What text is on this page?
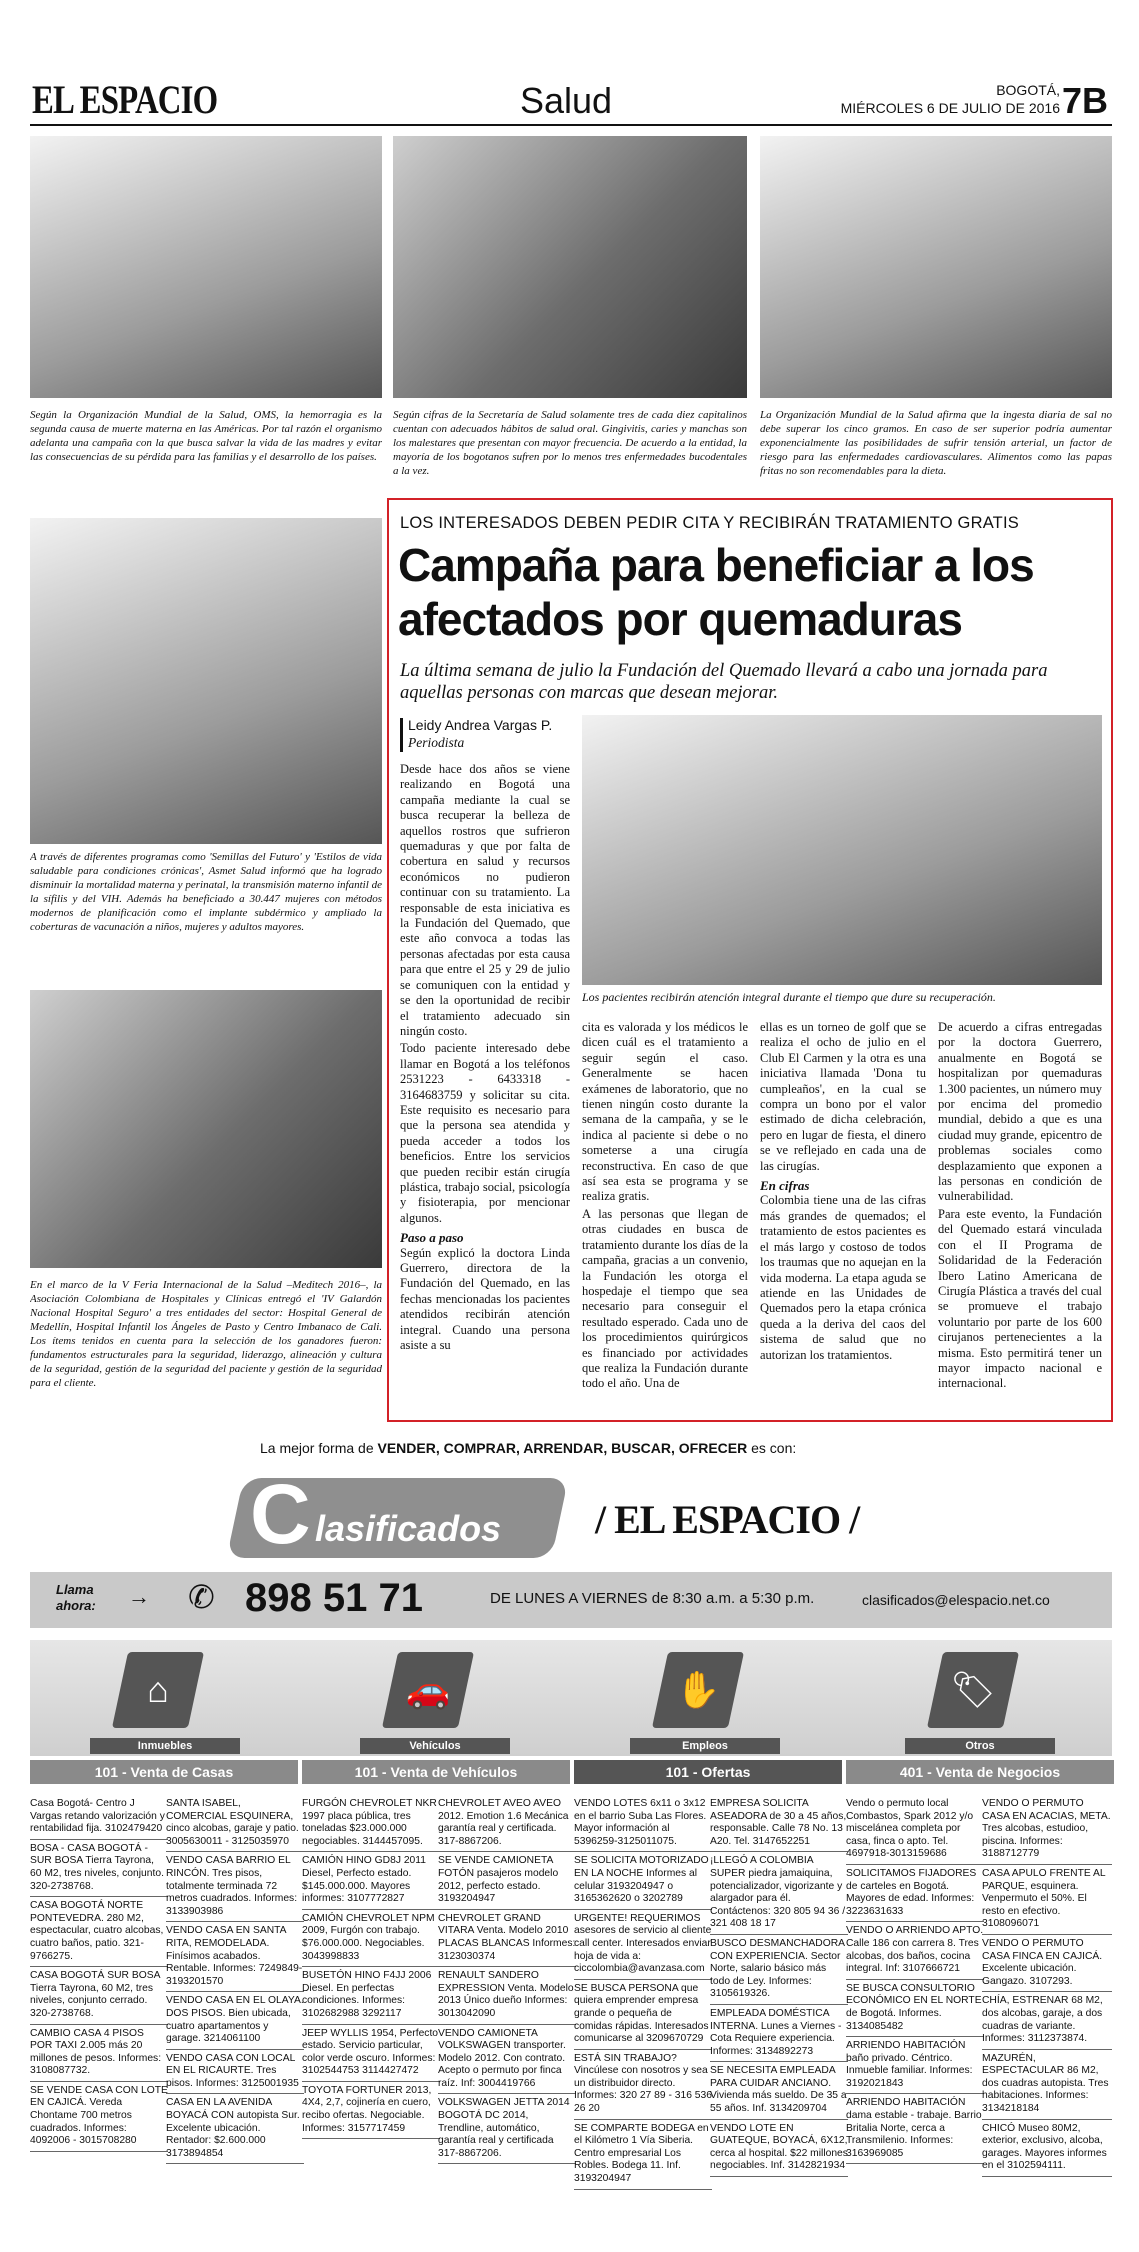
EL ESPACIO	Salud	BOGOTÁ,
MIÉRCOLES 6 DE JULIO DE 2016 7B
Según la Organización Mundial de la Salud, OMS, la hemorragia es la segunda causa de muerte materna en las Américas. Por tal razón el organismo adelanta una campaña con la que busca salvar la vida de las madres y evitar las consecuencias de su pérdida para las familias y el desarrollo de los países.
Según cifras de la Secretaría de Salud solamente tres de cada diez capitalinos cuentan con adecuados hábitos de salud oral. Gingivitis, caries y manchas son los malestares que presentan con mayor frecuencia. De acuerdo a la entidad, la mayoría de los bogotanos sufren por lo menos tres enfermedades bucodentales a la vez.
La Organización Mundial de la Salud afirma que la ingesta diaria de sal no debe superar los cinco gramos. En caso de ser superior podría aumentar exponencialmente las posibilidades de sufrir tensión arterial, un factor de riesgo para las enfermedades cardiovasculares. Alimentos como las papas fritas no son recomendables para la dieta.
A través de diferentes programas como 'Semillas del Futuro' y 'Estilos de vida saludable para condiciones crónicas', Asmet Salud informó que ha logrado disminuir la mortalidad materna y perinatal, la transmisión materno infantil de la sífilis y del VIH. Además ha beneficiado a 30.447 mujeres con métodos modernos de planificación como el implante subdérmico y ampliado la coberturas de vacunación a niños, mujeres y adultos mayores.
En el marco de la V Feria Internacional de la Salud –Meditech 2016–, la Asociación Colombiana de Hospitales y Clínicas entregó el 'IV Galardón Nacional Hospital Seguro' a tres entidades del sector: Hospital General de Medellín, Hospital Infantil los Ángeles de Pasto y Centro Imbanaco de Cali. Los ítems tenidos en cuenta para la selección de los ganadores fueron: fundamentos estructurales para la seguridad, liderazgo, alineación y cultura de la seguridad, gestión de la seguridad del paciente y gestión de la seguridad para el cliente.
LOS INTERESADOS DEBEN PEDIR CITA Y RECIBIRÁN TRATAMIENTO GRATIS
Campaña para beneficiar a los afectados por quemaduras
La última semana de julio la Fundación del Quemado llevará a cabo una jornada para aquellas personas con marcas que desean mejorar.
Leidy Andrea Vargas P.
Periodista
Los pacientes recibirán atención integral durante el tiempo que dure su recuperación.

Desde hace dos años se viene realizando en Bogotá una campaña mediante la cual se busca recuperar la belleza de aquellos rostros que sufrieron quemaduras y que por falta de cobertura en salud y recursos económicos no pudieron continuar con su tratamiento. La responsable de esta iniciativa es la Fundación del Quemado, que este año convoca a todas las personas afectadas por esta causa para que entre el 25 y 29 de julio se comuniquen con la entidad y se den la oportunidad de recibir el tratamiento adecuado sin ningún costo.

Todo paciente interesado debe llamar en Bogotá a los teléfonos 2531223 - 6433318 - 3164683759 y solicitar su cita. Este requisito es necesario para que la persona sea atendida y pueda acceder a todos los beneficios. Entre los servicios que pueden recibir están cirugía plástica, trabajo social, psicología y fisioterapia, por mencionar algunos.

Paso a paso

Según explicó la doctora Linda Guerrero, directora de la Fundación del Quemado, en las fechas mencionadas los pacientes atendidos recibirán atención integral. Cuando una persona asiste a su

cita es valorada y los médicos le dicen cuál es el tratamiento a seguir según el caso. Generalmente se hacen exámenes de laboratorio, que no tienen ningún costo durante la semana de la campaña, y se le indica al paciente si debe o no someterse a una cirugía reconstructiva. En caso de que así sea esta se programa y se realiza gratis.

A las personas que llegan de otras ciudades en busca de tratamiento durante los días de la campaña, gracias a un convenio, la Fundación les otorga el hospedaje el tiempo que sea necesario para conseguir el resultado esperado. Cada uno de los procedimientos quirúrgicos es financiado por actividades que realiza la Fundación durante todo el año. Una de

ellas es un torneo de golf que se realiza el ocho de julio en el Club El Carmen y la otra es una iniciativa llamada 'Dona tu cumpleaños', en la cual se compra un bono por el valor estimado de dicha celebración, pero en lugar de fiesta, el dinero se ve reflejado en cada una de las cirugías.

En cifras

Colombia tiene una de las cifras más grandes de quemados; el tratamiento de estos pacientes es el más largo y costoso de todos los traumas que no aquejan en la vida moderna. La etapa aguda se atiende en las Unidades de Quemados pero la etapa crónica queda a la deriva del caos del sistema de salud que no autorizan los tratamientos.

De acuerdo a cifras entregadas por la doctora Guerrero, anualmente en Bogotá se hospitalizan por quemaduras 1.300 pacientes, un número muy por encima del promedio mundial, debido a que es una ciudad muy grande, epicentro de problemas sociales como desplazamiento que exponen a las personas en condición de vulnerabilidad.

Para este evento, la Fundación del Quemado estará vinculada con el II Programa de Solidaridad de la Federación Ibero Latino Americana de Cirugía Plástica a través del cual se promueve el trabajo voluntario por parte de los 600 cirujanos pertenecientes a la misma. Esto permitirá tener un mayor impacto nacional e internacional.

La mejor forma de VENDER, COMPRAR, ARRENDAR, BUSCAR, OFRECER es con:
C lasificados / EL ESPACIO /
Llama ahora:	→ ✆ 898 51 71	DE LUNES A VIERNES de 8:30 a.m. a 5:30 p.m.	clasificados@elespacio.net.co
⌂	🚗	✋	🏷
Inmuebles	Vehículos	Empleos	Otros
101 - Venta de Casas	101 - Venta de Vehículos	101 - Ofertas	401 - Venta de Negocios
Casa Bogotá- Centro J Vargas retando valorización y rentabilidad fija. 3102479420
BOSA - CASA BOGOTÁ - SUR BOSA Tierra Tayrona, 60 M2, tres niveles, conjunto. 320-2738768.
CASA BOGOTÁ NORTE PONTEVEDRA. 280 M2, espectacular, cuatro alcobas, cuatro baños, patio. 321-9766275.
CASA BOGOTÁ SUR BOSA Tierra Tayrona, 60 M2, tres niveles, conjunto cerrado. 320-2738768.
CAMBIO CASA 4 PISOS POR TAXI 2.005 más 20 millones de pesos. Informes: 3108087732.
SE VENDE CASA CON LOTE EN CAJICÁ. Vereda Chontame 700 metros cuadrados. Informes: 4092006 - 3015708280
SANTA ISABEL, COMERCIAL ESQUINERA, cinco alcobas, garaje y patio. 3005630011 - 3125035970
VENDO CASA BARRIO EL RINCÓN. Tres pisos, totalmente terminada 72 metros cuadrados. Informes: 3133903986
VENDO CASA EN SANTA RITA, REMODELADA. Finísimos acabados. Rentable. Informes: 7249849-3193201570
VENDO CASA EN EL OLAYA. DOS PISOS. Bien ubicada, cuatro apartamentos y garage. 3214061100
VENDO CASA CON LOCAL EN EL RICAURTE. Tres pisos. Informes: 3125001935
CASA EN LA AVENIDA BOYACÁ CON autopista Sur. Excelente ubicación. Rentador: $2.600.000 3173894854
FURGÓN CHEVROLET NKR 1997 placa pública, tres toneladas $23.000.000 negociables. 3144457095.
CAMIÓN HINO GD8J 2011 Diesel, Perfecto estado. $145.000.000. Mayores informes: 3107772827
CAMIÓN CHEVROLET NPM 2009, Furgón con trabajo. $76.000.000. Negociables. 3043998833
BUSETÓN HINO F4JJ 2006 Diesel. En perfectas condiciones. Informes: 3102682988 3292117
JEEP WYLLIS 1954, Perfecto estado. Servicio particular, color verde oscuro. Informes: 3102544753 3114427472
TOYOTA FORTUNER 2013, 4X4, 2,7, cojinería en cuero, recibo ofertas. Negociable. Informes: 3157717459
CHEVROLET AVEO AVEO 2012. Emotion 1.6 Mecánica garantía real y certificada. 317-8867206.
SE VENDE CAMIONETA FOTÓN pasajeros modelo 2012, perfecto estado. 3193204947
CHEVROLET GRAND VITARA Venta. Modelo 2010 PLACAS BLANCAS Informes: 3123030374
RENAULT SANDERO EXPRESSION Venta. Modelo 2013 Único dueño Informes: 3013042090
VENDO CAMIONETA VOLKSWAGEN transporter. Modelo 2012. Con contrato. Acepto o permuto por finca raíz. Inf: 3004419766
VOLKSWAGEN JETTA 2014 BOGOTÁ DC 2014, Trendline, automático, garantía real y certificada 317-8867206.
VENDO LOTES 6x11 o 3x12 en el barrio Suba Las Flores. Mayor información al 5396259-3125011075.
SE SOLICITA MOTORIZADO EN LA NOCHE Informes al celular 3193204947 o 3165362620 o 3202789
URGENTE! REQUERIMOS asesores de servicio al cliente call center. Interesados enviar hoja de vida a: ciccolombia@avanzasa.com
SE BUSCA PERSONA que quiera emprender empresa grande o pequeña de comidas rápidas. Interesados comunicarse al 3209670729
ESTÁ SIN TRABAJO? Vincúlese con nosotros y sea un distribuidor directo. Informes: 320 27 89 - 316 536 26 20
SE COMPARTE BODEGA en el Kilómetro 1 Vía Siberia. Centro empresarial Los Robles. Bodega 11. Inf. 3193204947
EMPRESA SOLICITA ASEADORA de 30 a 45 años, responsable. Calle 78 No. 13 A20. Tel. 3147652251
¡LLEGÓ A COLOMBIA SUPER piedra jamaiquina, potencializador, vigorizante y alargador para él. Contáctenos: 320 805 94 36 / 321 408 18 17
BUSCO DESMANCHADORA CON EXPERIENCIA. Sector Norte, salario básico más todo de Ley. Informes: 3105619326.
EMPLEADA DOMÉSTICA INTERNA. Lunes a Viernes - Cota Requiere experiencia. Informes: 3134892273
SE NECESITA EMPLEADA PARA CUIDAR ANCIANO. Vivienda más sueldo. De 35 a 55 años. Inf. 3134209704
VENDO LOTE EN GUATEQUE, BOYACÁ, 6X12, cerca al hospital. $22 millones negociables. Inf. 3142821934
Vendo o permuto local Combastos, Spark 2012 y/o miscelánea completa por casa, finca o apto. Tel. 4697918-3013159686
SOLICITAMOS FIJADORES de carteles en Bogotá. Mayores de edad. Informes: 3223631633
VENDO O ARRIENDO APTO. Calle 186 con carrera 8. Tres alcobas, dos baños, cocina integral. Inf: 3107666721
SE BUSCA CONSULTORIO ECONÓMICO EN EL NORTE de Bogotá. Informes. 3134085482
ARRIENDO HABITACIÓN baño privado. Céntrico. Inmueble familiar. Informes: 3192021843
ARRIENDO HABITACIÓN dama estable - trabaje. Barrio Britalia Norte, cerca a Transmilenio. Informes: 3163969085
VENDO O PERMUTO CASA EN ACACIAS, META. Tres alcobas, estudioo, piscina. Informes: 3188712779
CASA APULO FRENTE AL PARQUE, esquinera. Venpermuto el 50%. El resto en efectivo. 3108096071
VENDO O PERMUTO CASA FINCA EN CAJICÁ. Excelente ubicación. Gangazo. 3107293.
CHÍA, ESTRENAR 68 M2, dos alcobas, garaje, a dos cuadras de variante. Informes: 3112373874.
MAZURÉN, ESPECTACULAR 86 M2, dos cuadras autopista. Tres habitaciones. Informes: 3134218184
CHICÓ Museo 80M2, exterior, exclusivo, alcoba, garages. Mayores informes en el 3102594111.
